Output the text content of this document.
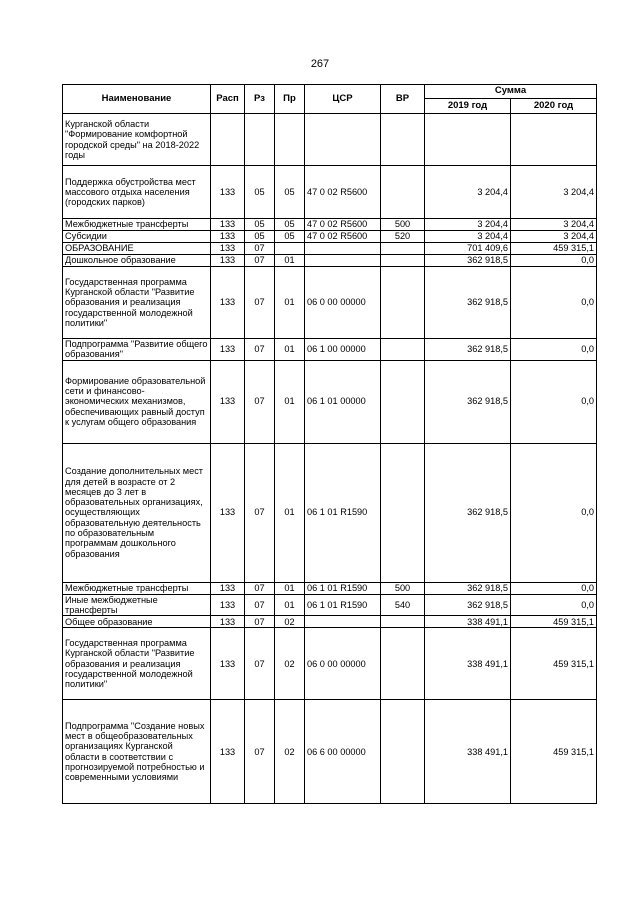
267
Наименование	Расп	Рз	Пр	ЦСР	ВР	Сумма	
						2019 год	2020 год
Курганской области "Формирование комфортной городской среды" на 2018-2022 годы							
Поддержка обустройства мест массового отдыха населения (городских парков)	133	05	05	47 0 02 R5600		3 204,4	3 204,4
Межбюджетные трансферты	133	05	05	47 0 02 R5600	500	3 204,4	3 204,4
Субсидии	133	05	05	47 0 02 R5600	520	3 204,4	3 204,4
ОБРАЗОВАНИЕ	133	07				701 409,6	459 315,1
Дошкольное образование	133	07	01			362 918,5	0,0
Государственная программа Курганской области "Развитие образования и реализация государственной молодежной политики"	133	07	01	06 0 00 00000		362 918,5	0,0
Подпрограмма "Развитие общего образования"	133	07	01	06 1 00 00000		362 918,5	0,0
Формирование образовательной сети и финансово-экономических механизмов, обеспечивающих равный доступ к услугам общего образования	133	07	01	06 1 01 00000		362 918,5	0,0
Создание дополнительных мест для детей в возрасте от 2 месяцев до 3 лет в образовательных организациях, осуществляющих образовательную деятельность по образовательным программам дошкольного образования	133	07	01	06 1 01 R1590		362 918,5	0,0
Межбюджетные трансферты	133	07	01	06 1 01 R1590	500	362 918,5	0,0
Иные межбюджетные трансферты	133	07	01	06 1 01 R1590	540	362 918,5	0,0
Общее образование	133	07	02			338 491,1	459 315,1
Государственная программа Курганской области "Развитие образования и реализация государственной молодежной политики"	133	07	02	06 0 00 00000		338 491,1	459 315,1
Подпрограмма "Создание новых мест в общеобразовательных организациях Курганской области в соответствии с прогнозируемой потребностью и современными условиями	133	07	02	06 6 00 00000		338 491,1	459 315,1
